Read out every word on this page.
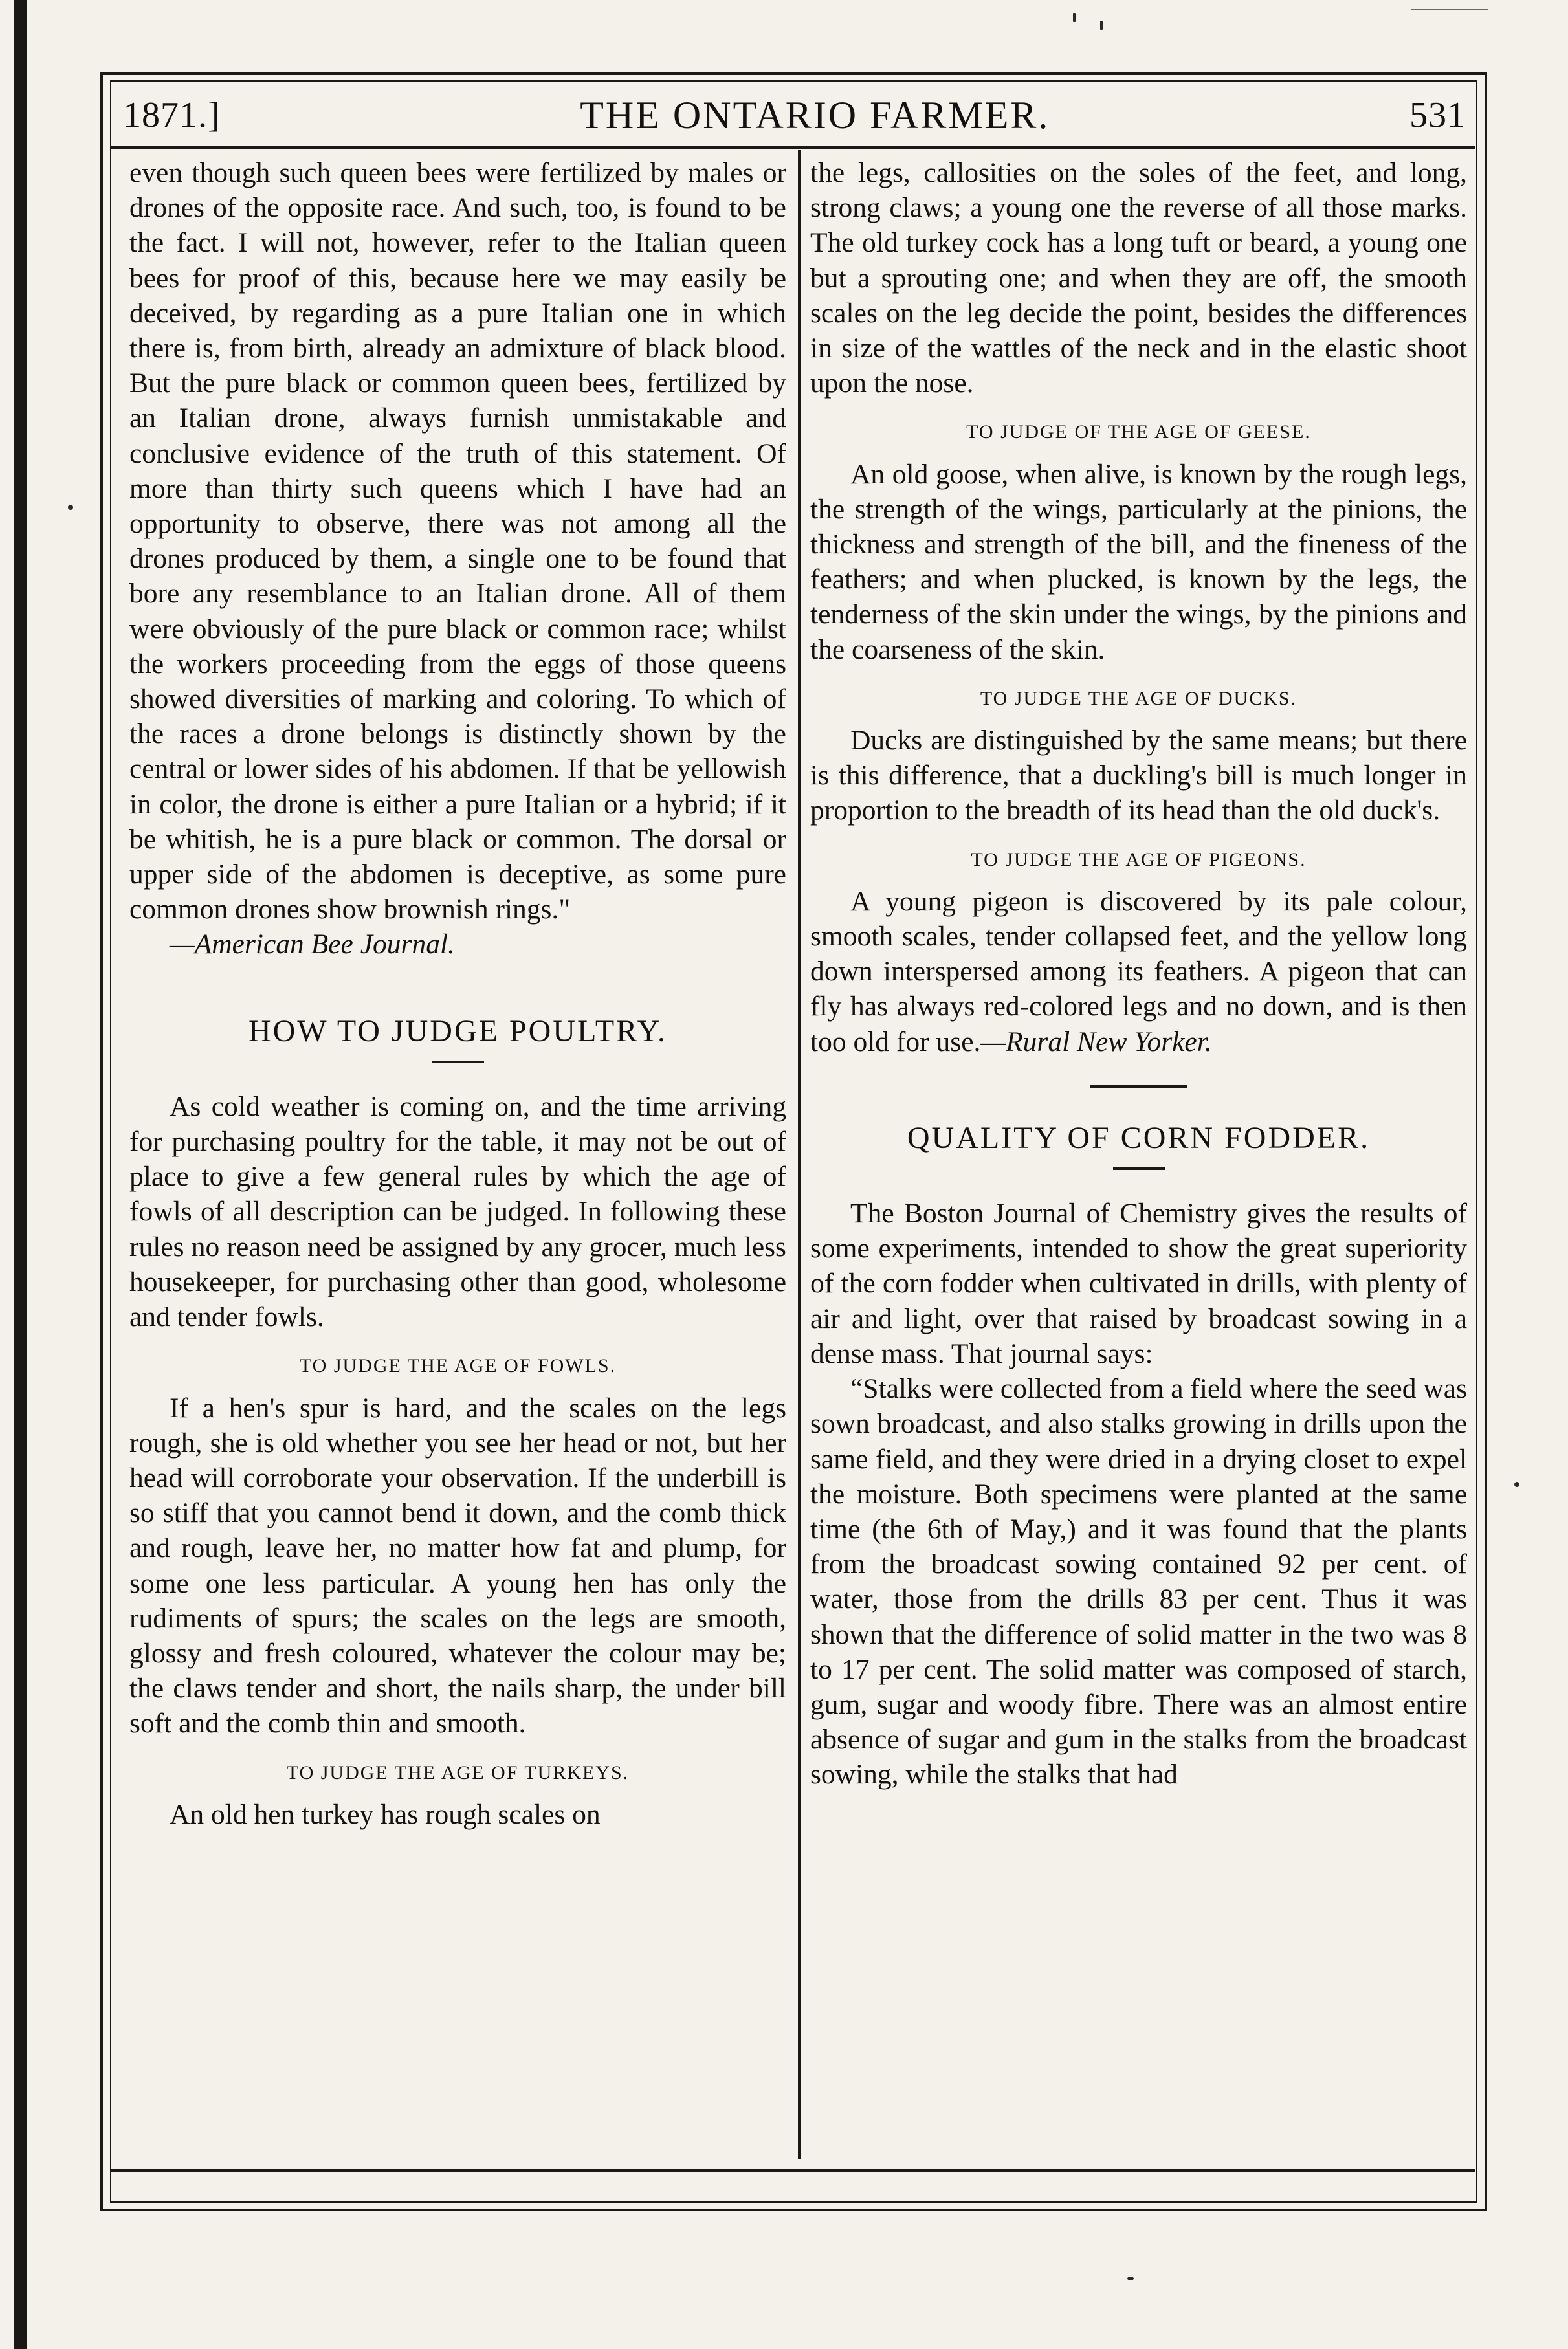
1871.]	THE ONTARIO FARMER.	531

even though such queen bees were fertilized by males or drones of the opposite race. And such, too, is found to be the fact. I will not, however, refer to the Italian queen bees for proof of this, because here we may easily be deceived, by regarding as a pure Italian one in which there is, from birth, already an admixture of black blood. But the pure black or common queen bees, fertilized by an Italian drone, always furnish unmistakable and conclusive evidence of the truth of this statement. Of more than thirty such queens which I have had an opportunity to observe, there was not among all the drones produced by them, a single one to be found that bore any resemblance to an Italian drone. All of them were obviously of the pure black or common race; whilst the workers proceeding from the eggs of those queens showed diversities of marking and coloring. To which of the races a drone belongs is distinctly shown by the central or lower sides of his abdomen. If that be yellowish in color, the drone is either a pure Italian or a hybrid; if it be whitish, he is a pure black or common. The dorsal or upper side of the abdomen is deceptive, as some pure common drones show brownish rings."

—American Bee Journal.

HOW TO JUDGE POULTRY.

As cold weather is coming on, and the time arriving for purchasing poultry for the table, it may not be out of place to give a few general rules by which the age of fowls of all description can be judged. In following these rules no reason need be assigned by any grocer, much less housekeeper, for purchasing other than good, wholesome and tender fowls.

TO JUDGE THE AGE OF FOWLS.

If a hen's spur is hard, and the scales on the legs rough, she is old whether you see her head or not, but her head will corroborate your observation. If the underbill is so stiff that you cannot bend it down, and the comb thick and rough, leave her, no matter how fat and plump, for some one less particular. A young hen has only the rudiments of spurs; the scales on the legs are smooth, glossy and fresh coloured, whatever the colour may be; the claws tender and short, the nails sharp, the under bill soft and the comb thin and smooth.

TO JUDGE THE AGE OF TURKEYS.

An old hen turkey has rough scales on

the legs, callosities on the soles of the feet, and long, strong claws; a young one the reverse of all those marks. The old turkey cock has a long tuft or beard, a young one but a sprouting one; and when they are off, the smooth scales on the leg decide the point, besides the differences in size of the wattles of the neck and in the elastic shoot upon the nose.

TO JUDGE OF THE AGE OF GEESE.

An old goose, when alive, is known by the rough legs, the strength of the wings, particularly at the pinions, the thickness and strength of the bill, and the fineness of the feathers; and when plucked, is known by the legs, the tenderness of the skin under the wings, by the pinions and the coarseness of the skin.

TO JUDGE THE AGE OF DUCKS.

Ducks are distinguished by the same means; but there is this difference, that a duckling's bill is much longer in proportion to the breadth of its head than the old duck's.

TO JUDGE THE AGE OF PIGEONS.

A young pigeon is discovered by its pale colour, smooth scales, tender collapsed feet, and the yellow long down interspersed among its feathers. A pigeon that can fly has always red-colored legs and no down, and is then too old for use.—Rural New Yorker.

QUALITY OF CORN FODDER.

The Boston Journal of Chemistry gives the results of some experiments, intended to show the great superiority of the corn fodder when cultivated in drills, with plenty of air and light, over that raised by broadcast sowing in a dense mass. That journal says:

“Stalks were collected from a field where the seed was sown broadcast, and also stalks growing in drills upon the same field, and they were dried in a drying closet to expel the moisture. Both specimens were planted at the same time (the 6th of May,) and it was found that the plants from the broadcast sowing contained 92 per cent. of water, those from the drills 83 per cent. Thus it was shown that the difference of solid matter in the two was 8 to 17 per cent. The solid matter was composed of starch, gum, sugar and woody fibre. There was an almost entire absence of sugar and gum in the stalks from the broadcast sowing, while the stalks that had
